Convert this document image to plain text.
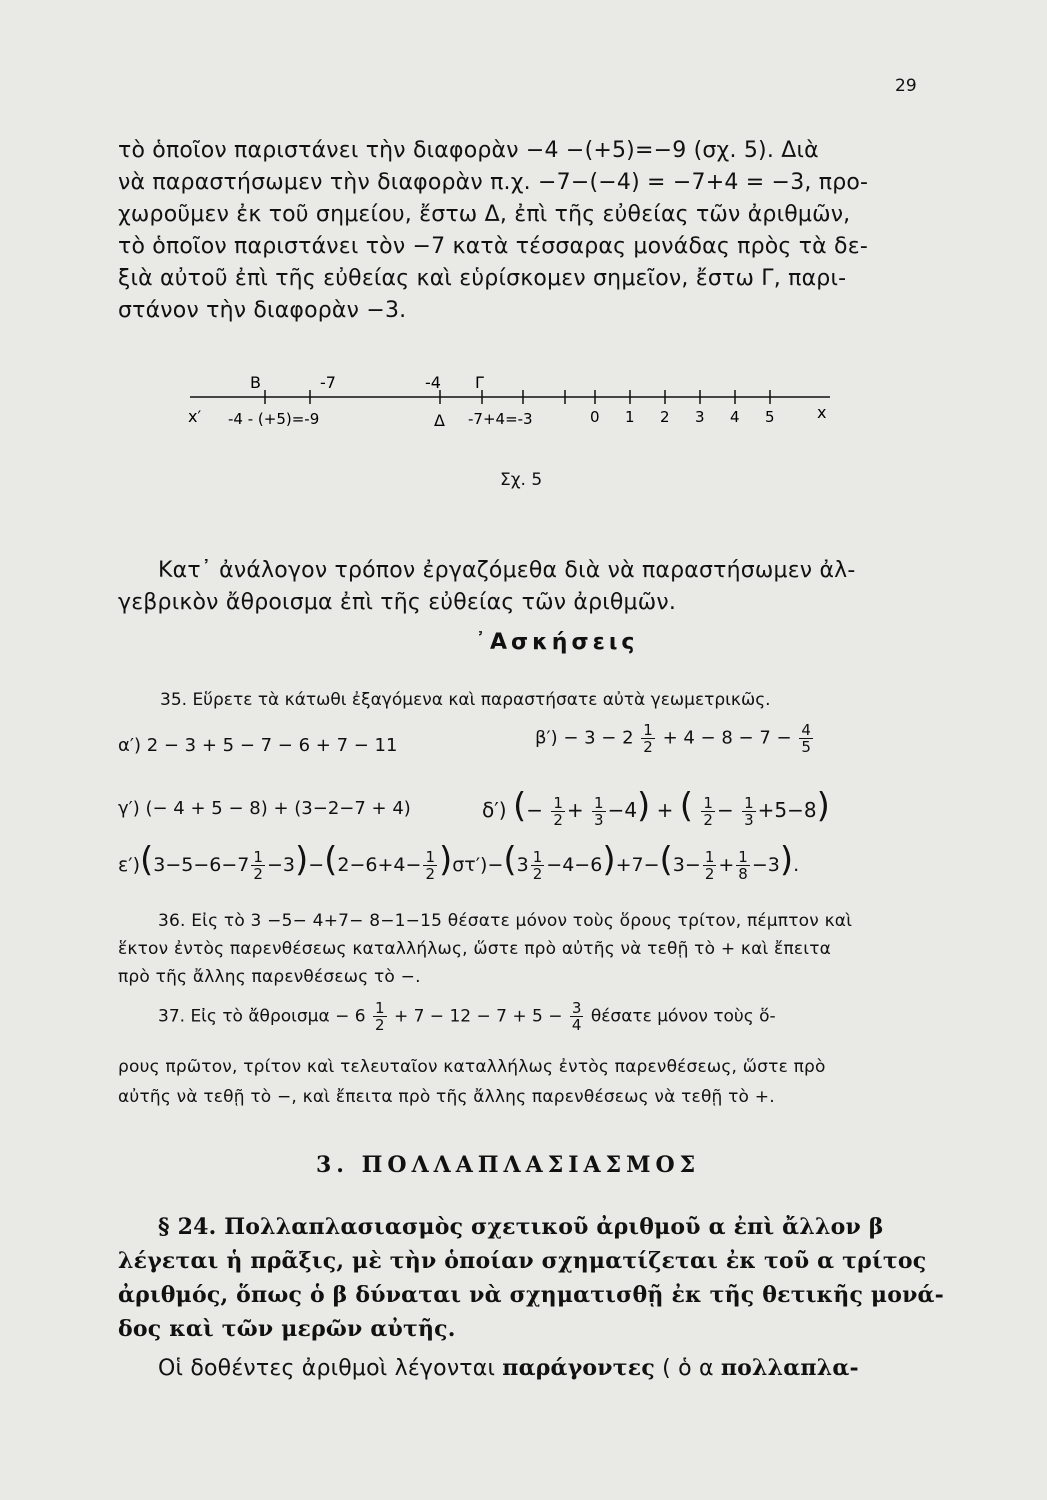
29
τὸ ὁποῖον παριστάνει τὴν διαφορὰν −4 −(+5)=−9 (σχ. 5). Διὰ
νὰ παραστήσωμεν τὴν διαφορὰν π.χ. −7−(−4) = −7+4 = −3, προ-
χωροῦμεν ἐκ τοῦ σημείου, ἔστω Δ, ἐπὶ τῆς εὐθείας τῶν ἀριθμῶν,
τὸ ὁποῖον παριστάνει τὸν −7 κατὰ τέσσαρας μονάδας πρὸς τὰ δε-
ξιὰ αὐτοῦ ἐπὶ τῆς εὐθείας καὶ εὑρίσκομεν σημεῖον, ἔστω Γ, παρι-
στάνον τὴν διαφορὰν −3.
B	-7	-4 Γ
x′ -4 - (+5)=-9	Δ -7+4=-3	0 1 2 3 4 5	x
Σχ. 5
Κατ᾽ ἀνάλογον τρόπον ἐργαζόμεθα διὰ νὰ παραστήσωμεν ἀλ-
γεβρικὸν ἄθροισμα ἐπὶ τῆς εὐθείας τῶν ἀριθμῶν.
᾽Ασκήσεις
35. Εὕρετε τὰ κάτωθι ἐξαγόμενα καὶ παραστήσατε αὐτὰ γεωμετρικῶς.
α′) 2 − 3 + 5 − 7 − 6 + 7 − 11	$\beta') - 3 - 2 \frac{1}{2} + 4 - 8 - 7 - \frac{4}{5}$
γ′) (− 4 + 5 − 8) + (3−2−7 + 4)	δ′) (− $\frac{1}{2} + \frac{1}{3} -4$) + ( $\frac{1}{2} - \frac{1}{3} +5-8$)
$\varepsilon')(3-5-6-7 \frac{1}{2} -3)-(2-6+4- \frac{1}{2} )\sigma\tau')-(3 \frac{1}{2} -4-6)+7-(3- \frac{1}{2} + \frac{1}{8} -3)$.
36. Εἰς τὸ 3 −5− 4+7− 8−1−15 θέσατε μόνον τοὺς ὅρους τρίτον, πέμπτον καὶ
ἕκτον ἐντὸς παρενθέσεως καταλλήλως, ὥστε πρὸ αὐτῆς νὰ τεθῇ τὸ + καὶ ἔπειτα
πρὸ τῆς ἄλλης παρενθέσεως τὸ −.
37. Εἰς τὸ ἄθροισμα − $6 \frac{1}{2} + 7 - 12 - 7 + 5 - \frac{3}{4}$ θέσατε μόνον τοὺς ὅ-
ρους πρῶτον, τρίτον καὶ τελευταῖον καταλλήλως ἐντὸς παρενθέσεως, ὥστε πρὸ
αὐτῆς νὰ τεθῇ τὸ −, καὶ ἔπειτα πρὸ τῆς ἄλλης παρενθέσεως νὰ τεθῇ τὸ +.
3. ΠΟΛΛΑΠΛΑΣΙΑΣΜΟΣ
§ 24. Πολλαπλασιασμὸς σχετικοῦ ἀριθμοῦ α ἐπὶ ἄλλον β
λέγεται ἡ πρᾶξις, μὲ τὴν ὁποίαν σχηματίζεται ἐκ τοῦ α τρίτος
ἀριθμός, ὅπως ὁ β δύναται νὰ σχηματισθῇ ἐκ τῆς θετικῆς μονά-
δος καὶ τῶν μερῶν αὐτῆς.
Οἱ δοθέντες ἀριθμοὶ λέγονται παράγοντες ( ὁ α πολλαπλα-
